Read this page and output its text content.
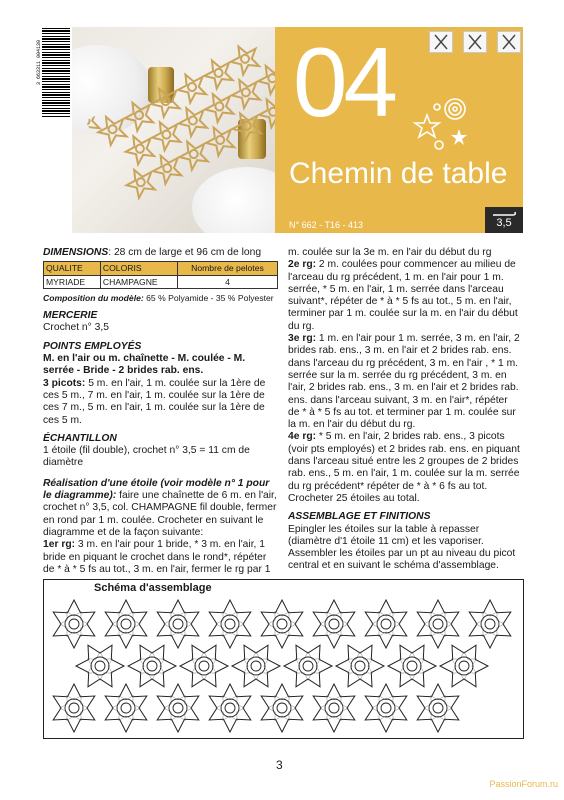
3 663311 004130	04
Chemin de table
N° 662 - T16 - 413	3,5

DIMENSIONS: 28 cm de large et 96 cm de long

QUALITE	COLORIS	Nombre de pelotes
MYRIADE	CHAMPAGNE	4

Composition du modèle: 65 % Polyamide - 35 % Polyester

MERCERIE

Crochet n° 3,5

POINTS EMPLOYÉS

M. en l'air ou m. chaînette - M. coulée - M. serrée - Bride - 2 brides rab. ens.

3 picots: 5 m. en l'air, 1 m. coulée sur la 1ère de ces 5 m., 7 m. en l'air, 1 m. coulée sur la 1ère de ces 7 m., 5 m. en l'air, 1 m. coulée sur la 1ère de ces 5 m.

ÉCHANTILLON

1 étoile (fil double), crochet n° 3,5 = 11 cm de diamètre

Réalisation d'une étoile (voir modèle n° 1 pour le diagramme): faire une chaînette de 6 m. en l'air, crochet n° 3,5, col. CHAMPAGNE fil double, fermer en rond par 1 m. coulée. Crocheter en suivant le diagramme et de la façon suivante:

1er rg: 3 m. en l'air pour 1 bride, * 3 m. en l'air, 1 bride en piquant le crochet dans le rond*, répéter de * à * 5 fs au tot., 3 m. en l'air, fermer le rg par 1

m. coulée sur la 3e m. en l'air du début du rg

2e rg: 2 m. coulées pour commencer au milieu de l'arceau du rg précédent, 1 m. en l'air pour 1 m. serrée, * 5 m. en l'air, 1 m. serrée dans l'arceau suivant*, répéter de * à * 5 fs au tot., 5 m. en l'air, terminer par 1 m. coulée sur la m. en l'air du début du rg.

3e rg: 1 m. en l'air pour 1 m. serrée, 3 m. en l'air, 2 brides rab. ens., 3 m. en l'air et 2 brides rab. ens. dans l'arceau du rg précédent, 3 m. en l'air , * 1 m. serrée sur la m. serrée du rg précédent, 3 m. en l'air, 2 brides rab. ens., 3 m. en l'air et 2 brides rab. ens. dans l'arceau suivant, 3 m. en l'air*, répéter de * à * 5 fs au tot. et terminer par 1 m. coulée sur la m. en l'air du début du rg.

4e rg: * 5 m. en l'air, 2 brides rab. ens., 3 picots (voir pts employés) et 2 brides rab. ens. en piquant dans l'arceau situé entre les 2 groupes de 2 brides rab. ens., 5 m. en l'air, 1 m. coulée sur la m. serrée du rg précédent* répéter de * à * 6 fs au tot.

Crocheter 25 étoiles au total.

ASSEMBLAGE ET FINITIONS

Epingler les étoiles sur la table à repasser (diamètre d'1 étoile 11 cm) et les vaporiser. Assembler les étoiles par un pt au niveau du picot central et en suivant le schéma d'assemblage.

Schéma d'assemblage
3
PassionForum.ru
